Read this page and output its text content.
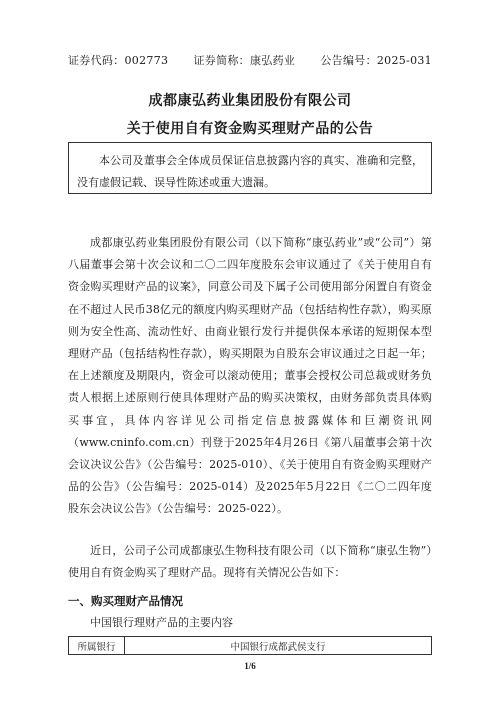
证券代码：002773 证券简称：康弘药业 公告编号：2025-031
成都康弘药业集团股份有限公司
关于使用自有资金购买理财产品的公告
本公司及董事会全体成员保证信息披露内容的真实、准确和完整，没有虚假记载、误导性陈述或重大遗漏。

成都康弘药业集团股份有限公司（以下简称“康弘药业”或“公司”）第八届董事会第十次会议和二〇二四年度股东会审议通过了《关于使用自有资金购买理财产品的议案》，同意公司及下属子公司使用部分闲置自有资金在不超过人民币38亿元的额度内购买理财产品（包括结构性存款），购买原则为安全性高、流动性好、由商业银行发行并提供保本承诺的短期保本型理财产品（包括结构性存款），购买期限为自股东会审议通过之日起一年；在上述额度及期限内，资金可以滚动使用；董事会授权公司总裁或财务负责人根据上述原则行使具体理财产品的购买决策权，由财务部负责具体购买事宜，具体内容详见公司指定信息披露媒体和巨潮资讯网（www.cninfo.com.cn）刊登于2025年4月26日《第八届董事会第十次会议决议公告》（公告编号：2025-010）、《关于使用自有资金购买理财产品的公告》（公告编号：2025-014）及2025年5月22日《二〇二四年度股东会决议公告》（公告编号：2025-022）。

近日，公司子公司成都康弘生物科技有限公司（以下简称“康弘生物”）使用自有资金购买了理财产品。现将有关情况公告如下：

一、购买理财产品情况
中国银行理财产品的主要内容
所属银行	中国银行成都武侯支行
1/6
